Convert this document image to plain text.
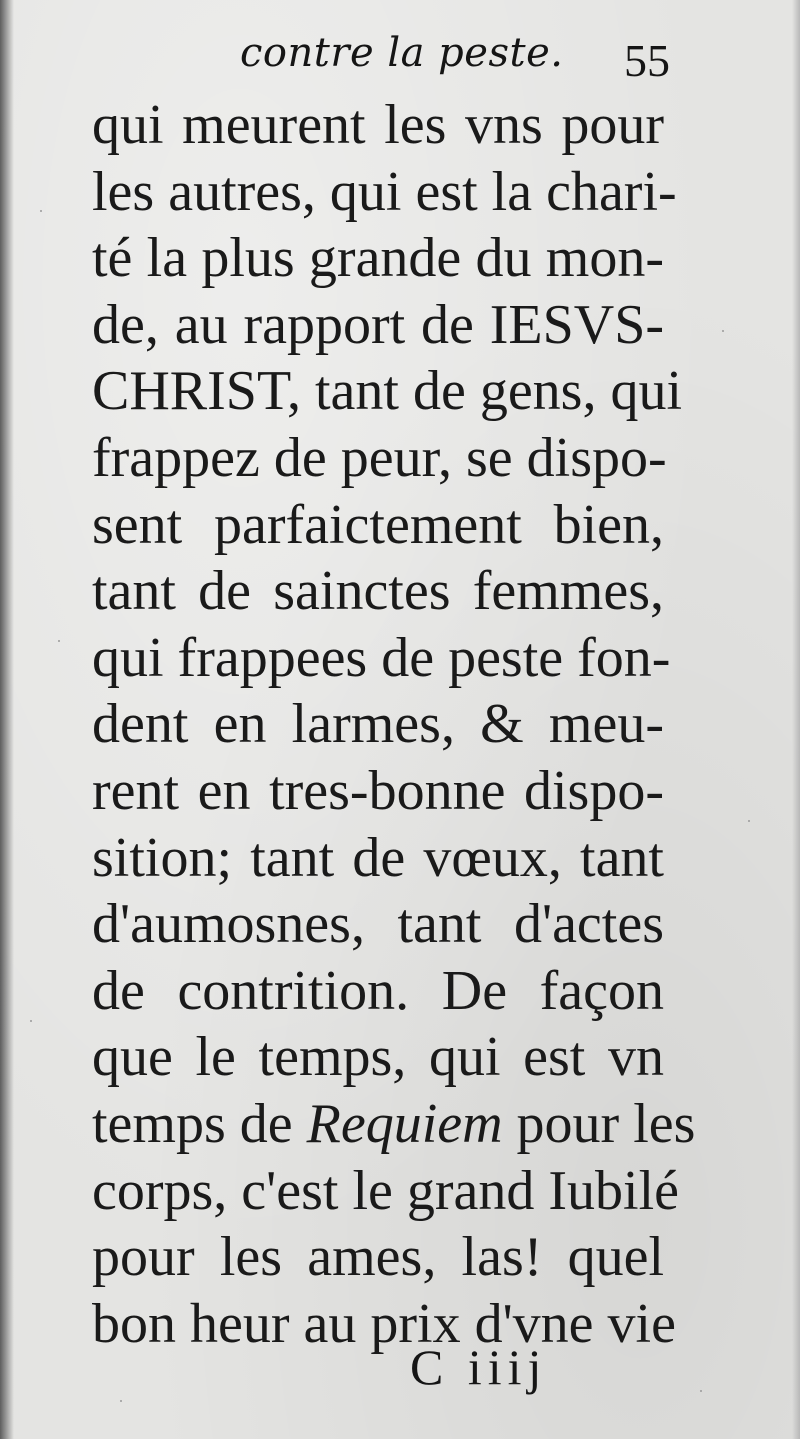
contre la peste. 55
qui meurent les vns pour
les autres, qui est la chari-
té la plus grande du mon-
de, au rapport de IESVS-
CHRIST, tant de gens, qui
frappez de peur, se dispo-
sent parfaictement bien,
tant de sainctes femmes,
qui frappees de peste fon-
dent en larmes, & meu-
rent en tres-bonne dispo-
sition; tant de vœux, tant
d'aumosnes, tant d'actes
de contrition. De façon
que le temps, qui est vn
temps de Requiem pour les
corps, c'est le grand Iubilé
pour les ames, las! quel
bon heur au prix d'vne vie
C iiij
